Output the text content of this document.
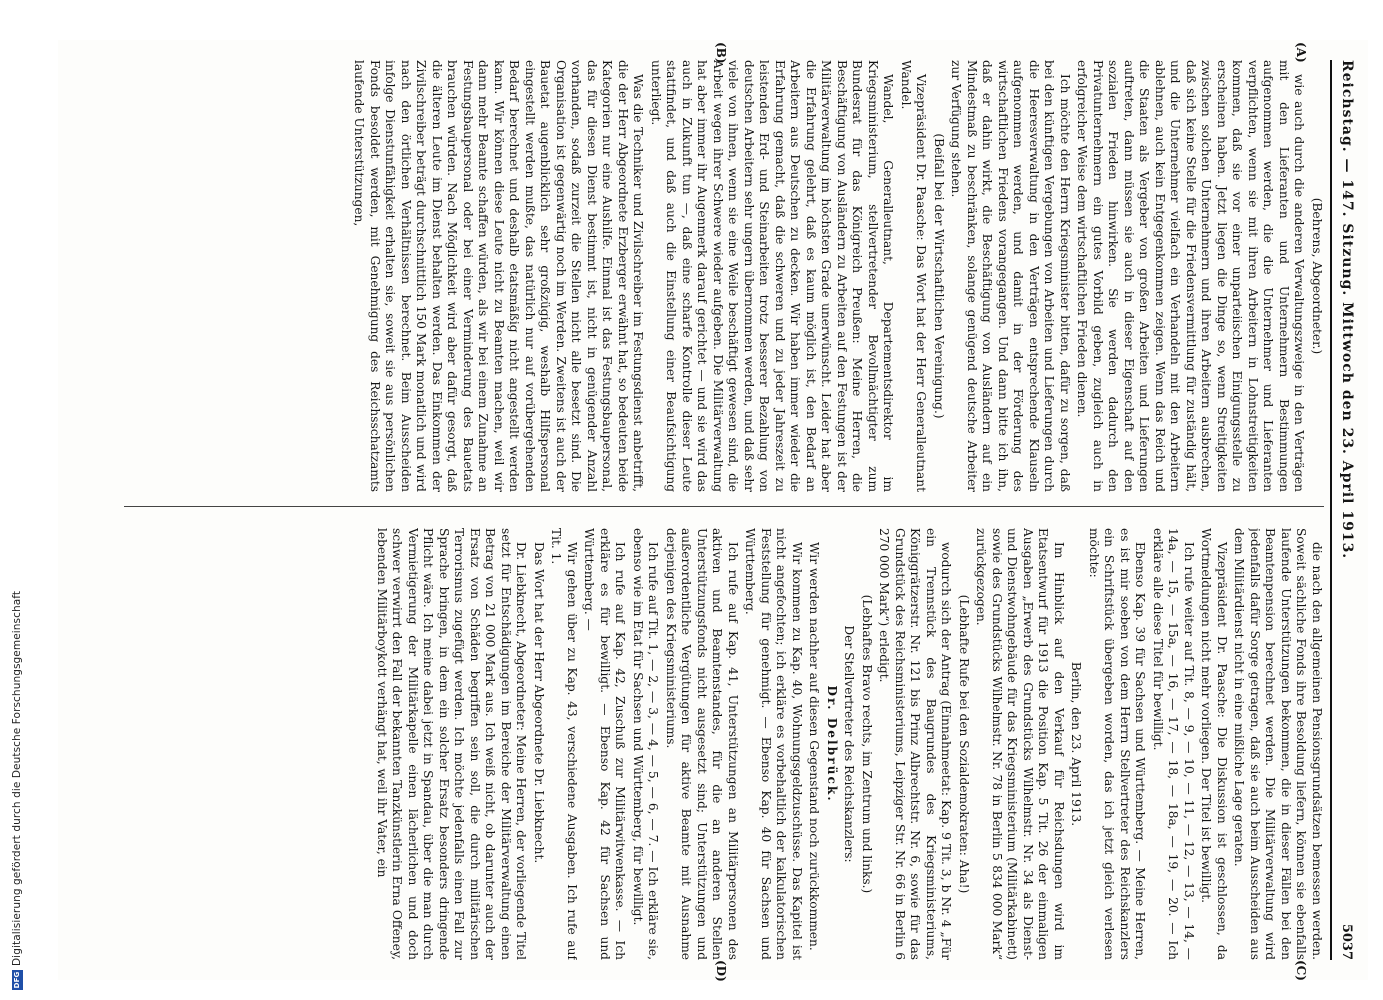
DFGDigitalisierung gefördert durch die Deutsche Forschungsgemeinschaft
Reichstag. — 147. Sitzung. Mittwoch den 23. April 1913.
5037
(A)
(B)
(C)
(D)

(Behrens, Abgeordneter.)

wie auch durch die anderen Verwaltungszweige in den Verträgen mit den Lieferanten und Unternehmern Bestimmungen aufgenommen werden, die die Unternehmer und Lieferanten verpflichten, wenn sie mit ihren Arbeitern in Lohnstreitigkeiten kommen, daß sie vor einer unparteiischen Einigungsstelle zu erscheinen haben. Jetzt liegen die Dinge so, wenn Streitigkeiten zwischen solchen Unternehmern und ihren Arbeitern ausbrechen, daß sich keine Stelle für die Friedensvermittlung für zuständig hält, und die Unternehmer vielfach ein Verhandeln mit den Arbeitern ablehnen, auch kein Entgegenkommen zeigen. Wenn das Reich und die Staaten als Vergeber von großen Arbeiten und Lieferungen auftreten, dann müssen sie auch in dieser Eigenschaft auf den sozialen Frieden hinwirken. Sie werden dadurch den Privatunternehmern ein gutes Vorbild geben, zugleich auch in erfolgreicher Weise dem wirtschaftlichen Frieden dienen.

Ich möchte den Herrn Kriegsminister bitten, dafür zu sorgen, daß bei den künftigen Vergebungen von Arbeiten und Lieferungen durch die Heeresverwaltung in den Verträgen entsprechende Klauseln aufgenommen werden, und damit in der Förderung des wirtschaftlichen Friedens vorangegangen. Und dann bitte ich ihn, daß er dahin wirkt, die Beschäftigung von Ausländern auf ein Mindestmaß zu beschränken, solange genügend deutsche Arbeiter zur Verfügung stehen.

(Beifall bei der Wirtschaftlichen Vereinigung.)

Vizepräsident Dr. Paasche: Das Wort hat der Herr Generalleutnant Wandel.

Wandel, Generalleutnant, Departementsdirektor im Kriegsministerium, stellvertretender Bevollmächtigter zum Bundesrat für das Königreich Preußen: Meine Herren, die Beschäftigung von Ausländern zu Arbeiten auf den Festungen ist der Militärverwaltung im höchsten Grade unerwünscht. Leider hat aber die Erfahrung gelehrt, daß es kaum möglich ist, den Bedarf an Arbeitern aus Deutschen zu decken. Wir haben immer wieder die Erfahrung gemacht, daß die schweren und zu jeder Jahreszeit zu leistenden Erd- und Steinarbeiten trotz besserer Bezahlung von deutschen Arbeitern sehr ungern übernommen werden, und daß sehr viele von ihnen, wenn sie eine Weile beschäftigt gewesen sind, die Arbeit wegen ihrer Schwere wieder aufgeben. Die Militärverwaltung hat aber immer ihr Augenmerk darauf gerichtet — und sie wird das auch in Zukunft tun —, daß eine scharfe Kontrolle dieser Leute stattfindet, und daß auch die Einstellung einer Beaufsichtigung unterliegt.

Was die Techniker und Zivilschreiber im Festungsdienst anbetrifft, die der Herr Abgeordnete Erzberger erwähnt hat, so bedeuten beide Kategorien nur eine Aushilfe. Einmal ist das Festungsbaupersonal, das für diesen Dienst bestimmt ist, nicht in genügender Anzahl vorhanden, sodaß zurzeit die Stellen nicht alle besetzt sind. Die Organisation ist gegenwärtig noch im Werden. Zweitens ist auch der Bauetat augenblicklich sehr großzügig, weshalb Hilfspersonal eingestellt werden mußte, das natürlich nur auf vorübergehenden Bedarf berechnet und deshalb etatsmäßig nicht angestellt werden kann. Wir können diese Leute nicht zu Beamten machen, weil wir dann mehr Beamte schaffen würden, als wir bei einem Zunahme an Festungsbaupersonal oder bei einer Verminderung des Bauetats brauchen würden. Nach Möglichkeit wird aber dafür gesorgt, daß die älteren Leute im Dienst behalten werden. Das Einkommen der Zivilschreiber beträgt durchschnittlich 150 Mark monatlich und wird nach den örtlichen Verhältnissen berechnet. Beim Ausscheiden infolge Dienstunfähigkeit erhalten sie, soweit sie aus persönlichen Fonds besoldet werden, mit Genehmigung des Reichsschatzamts laufende Unterstützungen,

die nach den allgemeinen Pensionsgrundsätzen bemessen werden. Soweit sächliche Fonds ihre Besoldung liefern, können sie ebenfalls laufende Unterstützungen bekommen, die in dieser Fällen bei den Beamtenpension berechnet werden. Die Militärverwaltung wird jedenfalls dafür Sorge getragen, daß sie auch beim Ausscheiden aus dem Militärdienst nicht in eine mißliche Lage geraten.

Vizepräsident Dr. Paasche: Die Diskussion ist geschlossen, da Wortmeldungen nicht mehr vorliegen. Der Titel ist bewilligt.

Ich rufe weiter auf Tit. 8, — 9, — 10, — 11, — 12, — 13, — 14, — 14a, — 15, — 15a, — 16, — 17, — 18, — 18a, — 19, — 20. — Ich erkläre alle diese Titel für bewilligt.

Ebenso Kap. 39 für Sachsen und Württemberg. — Meine Herren, es ist mir soeben von dem Herrn Stellvertreter des Reichskanzlers ein Schriftstück übergeben worden, das ich jetzt gleich verlesen möchte:

Berlin, den 23. April 1913.

Im Hinblick auf den Verkauf für Reichsdungen wird im Etatsentwurf für 1913 die Position Kap. 5 Tit. 26 der einmaligen Ausgaben „Erwerb des Grundstücks Wilhelmstr. Nr. 34 als Dienst- und Dienstwohngebäude für das Kriegsministerium (Militärkabinett) sowie des Grundstücks Wilhelmstr. Nr. 78 in Berlin 5 834 000 Mark“ zurückgezogen.

(Lebhafte Rufe bei den Sozialdemokraten: Aha!)

wodurch sich der Antrag (Einnahmeetat: Kap. 9 Tit. 3, b Nr. 4 „Für ein Trennstück des Baugrundes des Kriegsministeriums, Königgrätzerstr. Nr. 121 bis Prinz Albrechtstr. Nr. 6, sowie für das Grundstück des Reichsministeriums, Leipziger Str. Nr. 66 in Berlin 6 270 000 Mark“) erledigt.

(Lebhaftes Bravo rechts, im Zentrum und links.)

Der Stellvertreter des Reichskanzlers:

Dr. Delbrück.

Wir werden nachher auf diesen Gegenstand noch zurückkommen.

Wir kommen zu Kap. 40, Wohnungsgeldzuschüsse. Das Kapitel ist nicht angefochten; ich erkläre es vorbehaltlich der kalkulatorischen Feststellung für genehmigt. — Ebenso Kap. 40 für Sachsen und Württemberg.

Ich rufe auf Kap. 41, Unterstützungen an Militärpersonen des aktiven und Beamtenstandes, für die an anderen Stellen Unterstützungsfonds nicht ausgesetzt sind; Unterstützungen und außerordentliche Vergütungen für aktive Beamte mit Ausnahme derjenigen des Kriegsministeriums.

Ich rufe auf Tit. 1, — 2, — 3, — 4, — 5, — 6, — 7. — Ich erkläre sie, ebenso wie im Etat für Sachsen und Württemberg, für bewilligt.

Ich rufe auf Kap. 42, Zuschuß zur Militärwitwenkasse. — Ich erkläre es für bewilligt. — Ebenso Kap. 42 für Sachsen und Württemberg. —

Wir gehen über zu Kap. 43, verschiedene Ausgaben. Ich rufe auf Tit. 1.

Das Wort hat der Herr Abgeordnete Dr. Liebknecht.

Dr. Liebknecht, Abgeordneter: Meine Herren, der vorliegende Titel setzt für Entschädigungen im Bereiche der Militärverwaltung einen Betrag von 21 000 Mark aus. Ich weiß nicht, ob darunter auch der Ersatz von Schäden begriffen sein soll, die durch militärischen Terrorismus zugefügt werden. Ich möchte jedenfalls einen Fall zur Sprache bringen, in dem ein solcher Ersatz besonders dringende Pflicht wäre. Ich meine dabei jetzt in Spandau, über die man durch Vermietigerung der Militärkapelle einen lächerlichen und doch schwer verwirrt den Fall der bekannten Tanzkünstlerin Erna Offeney, lebenden Militärboykott verhängt hat, weil ihr Vater, ein
